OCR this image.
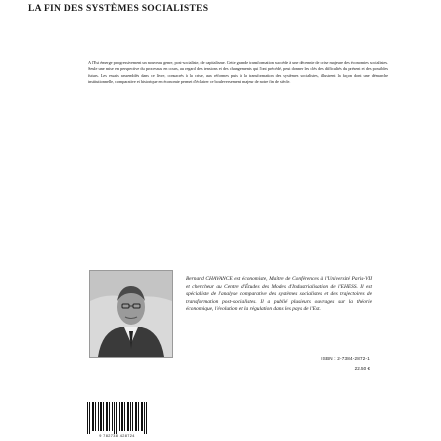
LA FIN DES SYSTÈMES SOCIALISTES
A l'Est émerge progressivement un nouveau genre, post-socialiste, de capitalisme. Cette grande transformation succède à une décennie de crise majeure des économies socialistes. Seule une mise en perspective du processus en cours, au regard des tensions et des changements qui l'ont précédé, peut donner les clés des difficultés du présent et des possibles futurs. Les essais rassemblés dans ce livre, consacrés à la crise, aux réformes puis à la transformation des systèmes socialistes, illustrent la façon dont une démarche institutionnelle, comparative et historique en économie permet d'éclairer ce bouleversement majeur de notre fin de siècle.
Bernard CHAVANCE est économiste, Maître de Conférences à l'Université Paris-VII et chercheur au Centre d'Études des Modes d'Industrialisation de l'EHESS. Il est spécialiste de l'analyse comparative des systèmes socialistes et des trajectoires de transformation post-socialistes. Il a publié plusieurs ouvrages sur la théorie économique, l'évolution et la régulation dans les pays de l'Est.
ISBN : 2-7384-2872-1
22.50 €
9 782738 428724
